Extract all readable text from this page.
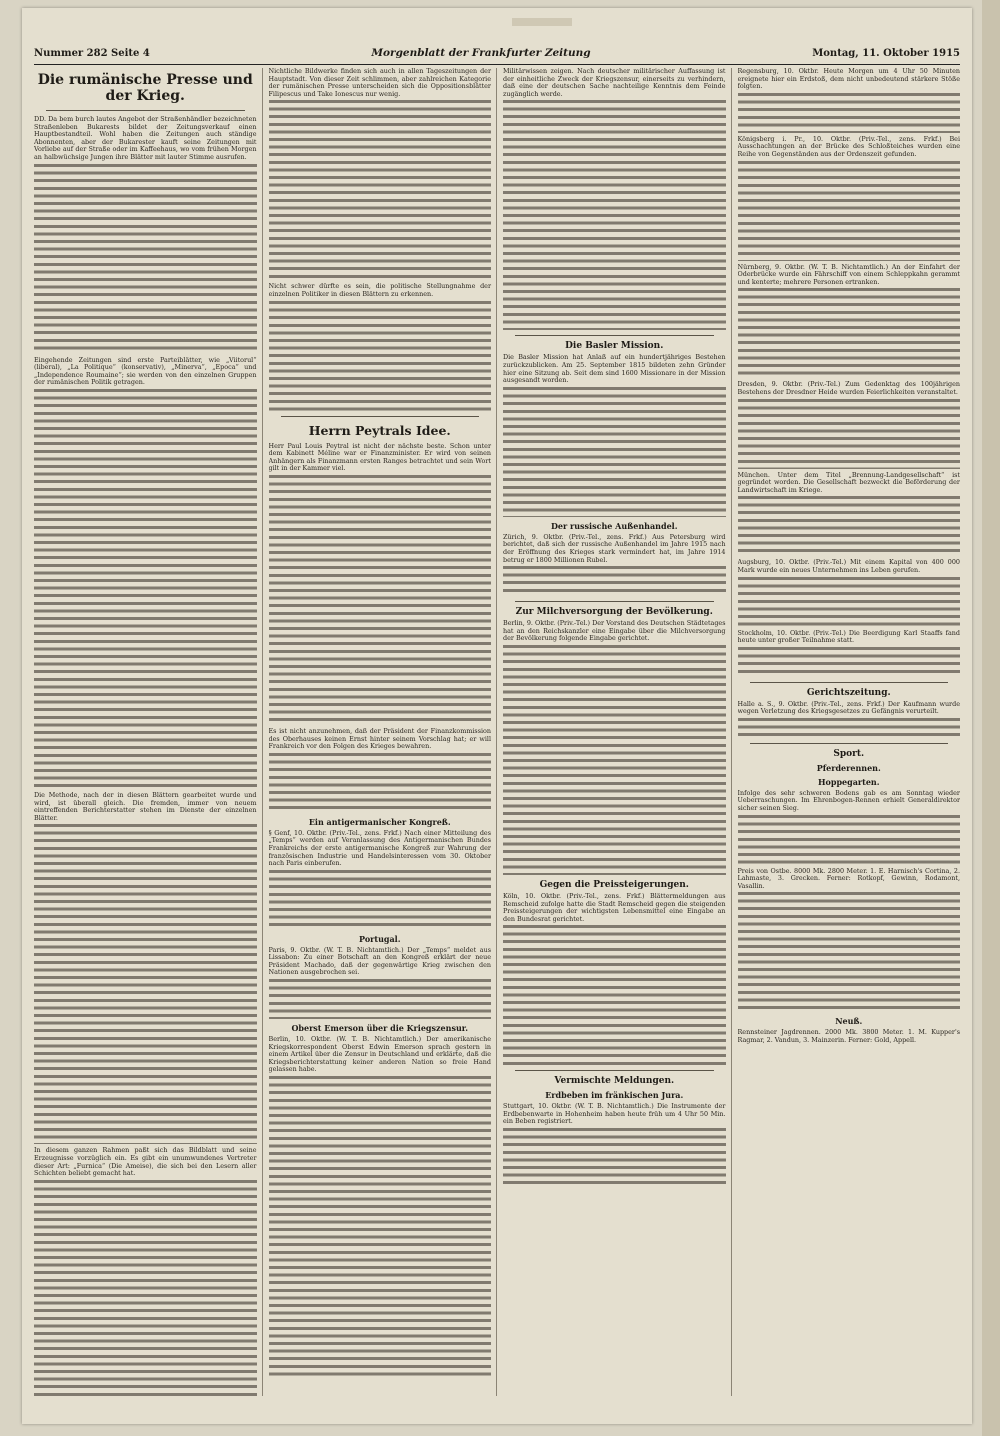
Nummer 282 Seite 4	Morgenblatt der Frankfurter Zeitung	Montag, 11. Oktober 1915
Die rumänische Presse und der Krieg.

DD. Da bem burch lautes Angebot der Straßenhändler bezeichneten Straßenleben Bukarests bildet der Zeitungsverkauf einen Hauptbestandteil. Wohl haben die Zeitungen auch ständige Abonnenten, aber der Bukarester kauft seine Zeitungen mit Vorliebe auf der Straße oder im Kaffeehaus, wo vom frühen Morgen an halbwüchsige Jungen ihre Blätter mit lauter Stimme ausrufen.

Eingehende Zeitungen sind erste Parteiblätter, wie „Viitorul“ (liberal), „La Politique“ (konservativ), „Minerva“, „Epoca“ und „Independence Roumaine“; sie werden von den einzelnen Gruppen der rumänischen Politik getragen.

Die Methode, nach der in diesen Blättern gearbeitet wurde und wird, ist überall gleich. Die fremden, immer von neuem eintreffenden Berichterstatter stehen im Dienste der einzelnen Blätter.

In diesem ganzen Rahmen paßt sich das Bildblatt und seine Erzeugnisse vorzüglich ein. Es gibt ein unumwundenes Vertreter dieser Art: „Furnica“ (Die Ameise), die sich bei den Lesern aller Schichten beliebt gemacht hat.

Nichtliche Bildwerke finden sich auch in allen Tageszeitungen der Hauptstadt. Von dieser Zeit schlimmen, aber zahlreichen Kategorie der rumänischen Presse unterscheiden sich die Oppositionsblätter Filipescus und Take Ionescus nur wenig.

Nicht schwer dürfte es sein, die politische Stellungnahme der einzelnen Politiker in diesen Blättern zu erkennen.

Herrn Peytrals Idee.

Herr Paul Louis Peytral ist nicht der nächste beste. Schon unter dem Kabinett Méline war er Finanzminister. Er wird von seinen Anhängern als Finanzmann ersten Ranges betrachtet und sein Wort gilt in der Kammer viel.

Es ist nicht anzunehmen, daß der Präsident der Finanzkommission des Oberhauses keinen Ernst hinter seinem Vorschlag hat; er will Frankreich vor den Folgen des Krieges bewahren.

Ein antigermanischer Kongreß.

§ Genf, 10. Oktbr. (Priv.-Tel., zens. Frkf.) Nach einer Mitteilung des „Temps“ werden auf Veranlassung des Antigermanischen Bundes Frankreichs der erste antigermanische Kongreß zur Wahrung der französischen Industrie und Handelsinteressen vom 30. Oktober nach Paris einberufen.

Portugal.

Paris, 9. Oktbr. (W. T. B. Nichtamtlich.) Der „Temps“ meldet aus Lissabon: Zu einer Botschaft an den Kongreß erklärt der neue Präsident Machado, daß der gegenwärtige Krieg zwischen den Nationen ausgebrochen sei.

Oberst Emerson über die Kriegszensur.

Berlin, 10. Oktbr. (W. T. B. Nichtamtlich.) Der amerikanische Kriegskorrespondent Oberst Edwin Emerson sprach gestern in einem Artikel über die Zensur in Deutschland und erklärte, daß die Kriegsberichterstattung keiner anderen Nation so freie Hand gelassen habe.

Militärwissen zeigen. Nach deutscher militärischer Auffassung ist der einheitliche Zweck der Kriegszensur, einerseits zu verhindern, daß eine der deutschen Sache nachteilige Kenntnis dem Feinde zugänglich werde.

Die Basler Mission.

Die Basler Mission hat Anlaß auf ein hundertjähriges Bestehen zurückzublicken. Am 25. September 1815 bildeten zehn Gründer hier eine Sitzung ab. Seit dem sind 1600 Missionare in der Mission ausgesandt worden.

Der russische Außenhandel.

Zürich, 9. Oktbr. (Priv.-Tel., zens. Frkf.) Aus Petersburg wird berichtet, daß sich der russische Außenhandel im Jahre 1915 nach der Eröffnung des Krieges stark vermindert hat, im Jahre 1914 betrug er 1800 Millionen Rubel.

Zur Milchversorgung der Bevölkerung.

Berlin, 9. Oktbr. (Priv.-Tel.) Der Vorstand des Deutschen Städtetages hat an den Reichskanzler eine Eingabe über die Milchversorgung der Bevölkerung folgende Eingabe gerichtet.

Gegen die Preissteigerungen.

Köln, 10. Oktbr. (Priv.-Tel., zens. Frkf.) Blättermeldungen aus Remscheid zufolge hatte die Stadt Remscheid gegen die steigenden Preissteigerungen der wichtigsten Lebensmittel eine Eingabe an den Bundesrat gerichtet.

Vermischte Meldungen.
Erdbeben im fränkischen Jura.

Stuttgart, 10. Oktbr. (W. T. B. Nichtamtlich.) Die Instrumente der Erdbebenwarte in Hohenheim haben heute früh um 4 Uhr 50 Min. ein Beben registriert.

Regensburg, 10. Oktbr. Heute Morgen um 4 Uhr 50 Minuten ereignete hier ein Erdstoß, dem nicht unbedeutend stärkere Stöße folgten.

Königsberg i. Pr., 10. Oktbr. (Priv.-Tel., zens. Frkf.) Bei Ausschachtungen an der Brücke des Schloßteiches wurden eine Reihe von Gegenständen aus der Ordenszeit gefunden.

Nürnberg, 9. Oktbr. (W. T. B. Nichtamtlich.) An der Einfahrt der Oderbrücke wurde ein Fährschiff von einem Schleppkahn gerammt und kenterte; mehrere Personen ertranken.

Dresden, 9. Oktbr. (Priv.-Tel.) Zum Gedenktag des 100jährigen Bestehens der Dresdner Heide wurden Feierlichkeiten veranstaltet.

München. Unter dem Titel „Brennung-Landgesellschaft“ ist gegründet worden. Die Gesellschaft bezweckt die Beförderung der Landwirtschaft im Kriege.

Augsburg, 10. Oktbr. (Priv.-Tel.) Mit einem Kapital von 400 000 Mark wurde ein neues Unternehmen ins Leben gerufen.

Stockholm, 10. Oktbr. (Priv.-Tel.) Die Beerdigung Karl Staaffs fand heute unter großer Teilnahme statt.

Gerichtszeitung.

Halle a. S., 9. Oktbr. (Priv.-Tel., zens. Frkf.) Der Kaufmann wurde wegen Verletzung des Kriegsgesetzes zu Gefängnis verurteilt.

Sport.
Pferderennen.
Hoppegarten.

Infolge des sehr schweren Bodens gab es am Sonntag wieder Ueberraschungen. Im Ehrenbogen-Rennen erhielt Generaldirektor sicher seinen Sieg.

Preis von Ostbe. 8000 Mk. 2800 Meter. 1. E. Harnisch's Cortina, 2. Lahmaste, 3. Grecken. Ferner: Rotkopf, Gewinn, Rodamont, Vasallin.

Neuß.

Rennsteiner Jagdrennen. 2000 Mk. 3800 Meter. 1. M. Kupper's Ragmar, 2. Vandun, 3. Mainzerin. Ferner: Gold, Appell.
